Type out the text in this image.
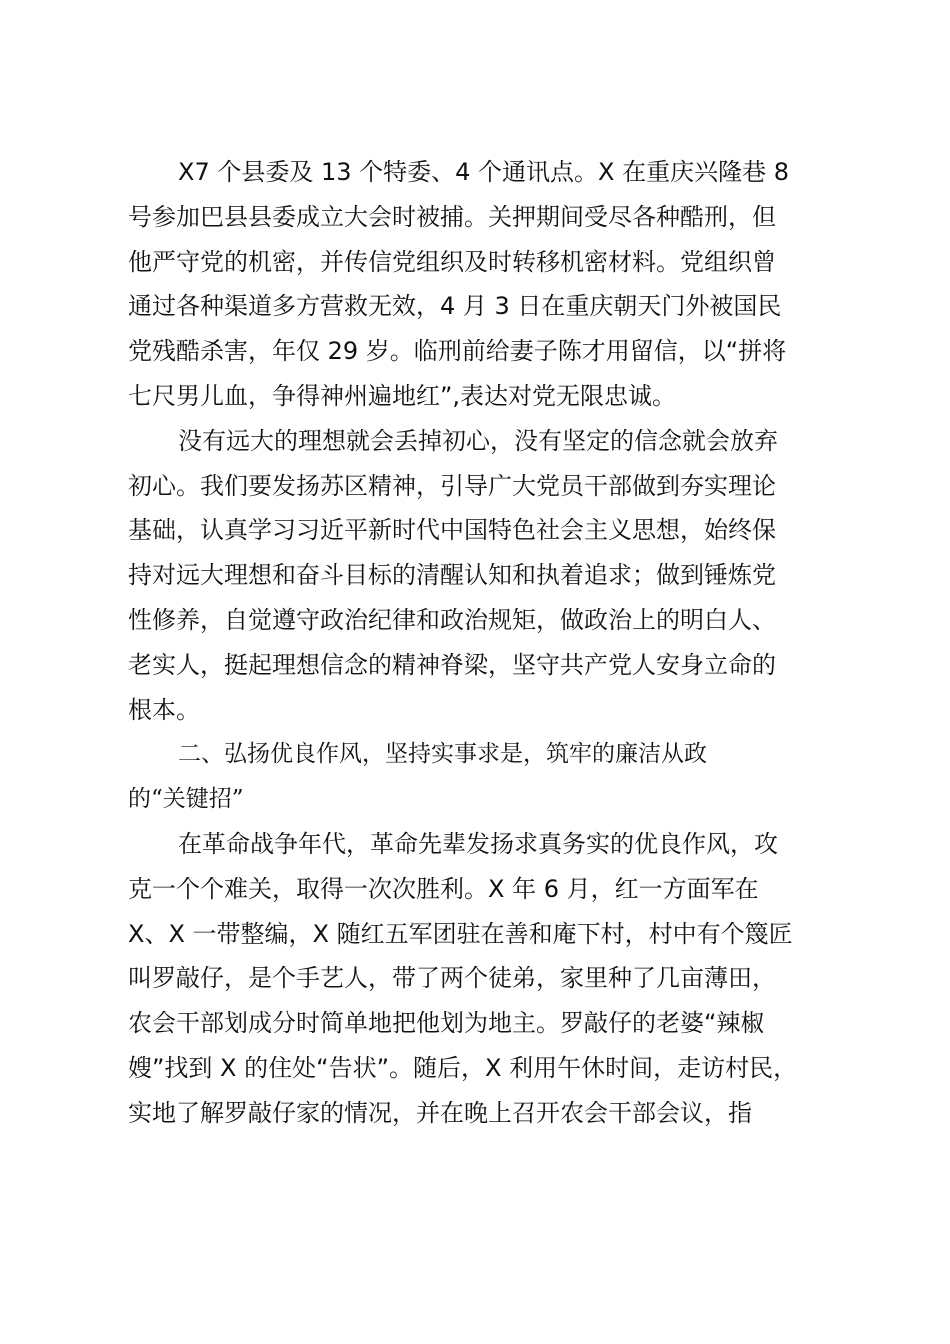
X7 个县委及 13 个特委、4 个通讯点。X 在重庆兴隆巷 8
号参加巴县县委成立大会时被捕。关押期间受尽各种酷刑，但
他严守党的机密，并传信党组织及时转移机密材料。党组织曾
通过各种渠道多方营救无效，4 月 3 日在重庆朝天门外被国民
党残酷杀害，年仅 29 岁。临刑前给妻子陈才用留信，以“拼将
七尺男儿血，争得神州遍地红”,表达对党无限忠诚。
没有远大的理想就会丢掉初心，没有坚定的信念就会放弃
初心。我们要发扬苏区精神，引导广大党员干部做到夯实理论
基础，认真学习习近平新时代中国特色社会主义思想，始终保
持对远大理想和奋斗目标的清醒认知和执着追求；做到锤炼党
性修养，自觉遵守政治纪律和政治规矩，做政治上的明白人、
老实人，挺起理想信念的精神脊梁，坚守共产党人安身立命的
根本。
二、弘扬优良作风，坚持实事求是，筑牢的廉洁从政
的“关键招”
在革命战争年代，革命先辈发扬求真务实的优良作风，攻
克一个个难关，取得一次次胜利。X 年 6 月，红一方面军在
X、X 一带整编，X 随红五军团驻在善和庵下村，村中有个篾匠
叫罗敲仔，是个手艺人，带了两个徒弟，家里种了几亩薄田，
农会干部划成分时简单地把他划为地主。罗敲仔的老婆“辣椒
嫂”找到 X 的住处“告状”。随后，X 利用午休时间，走访村民，
实地了解罗敲仔家的情况，并在晚上召开农会干部会议，指
